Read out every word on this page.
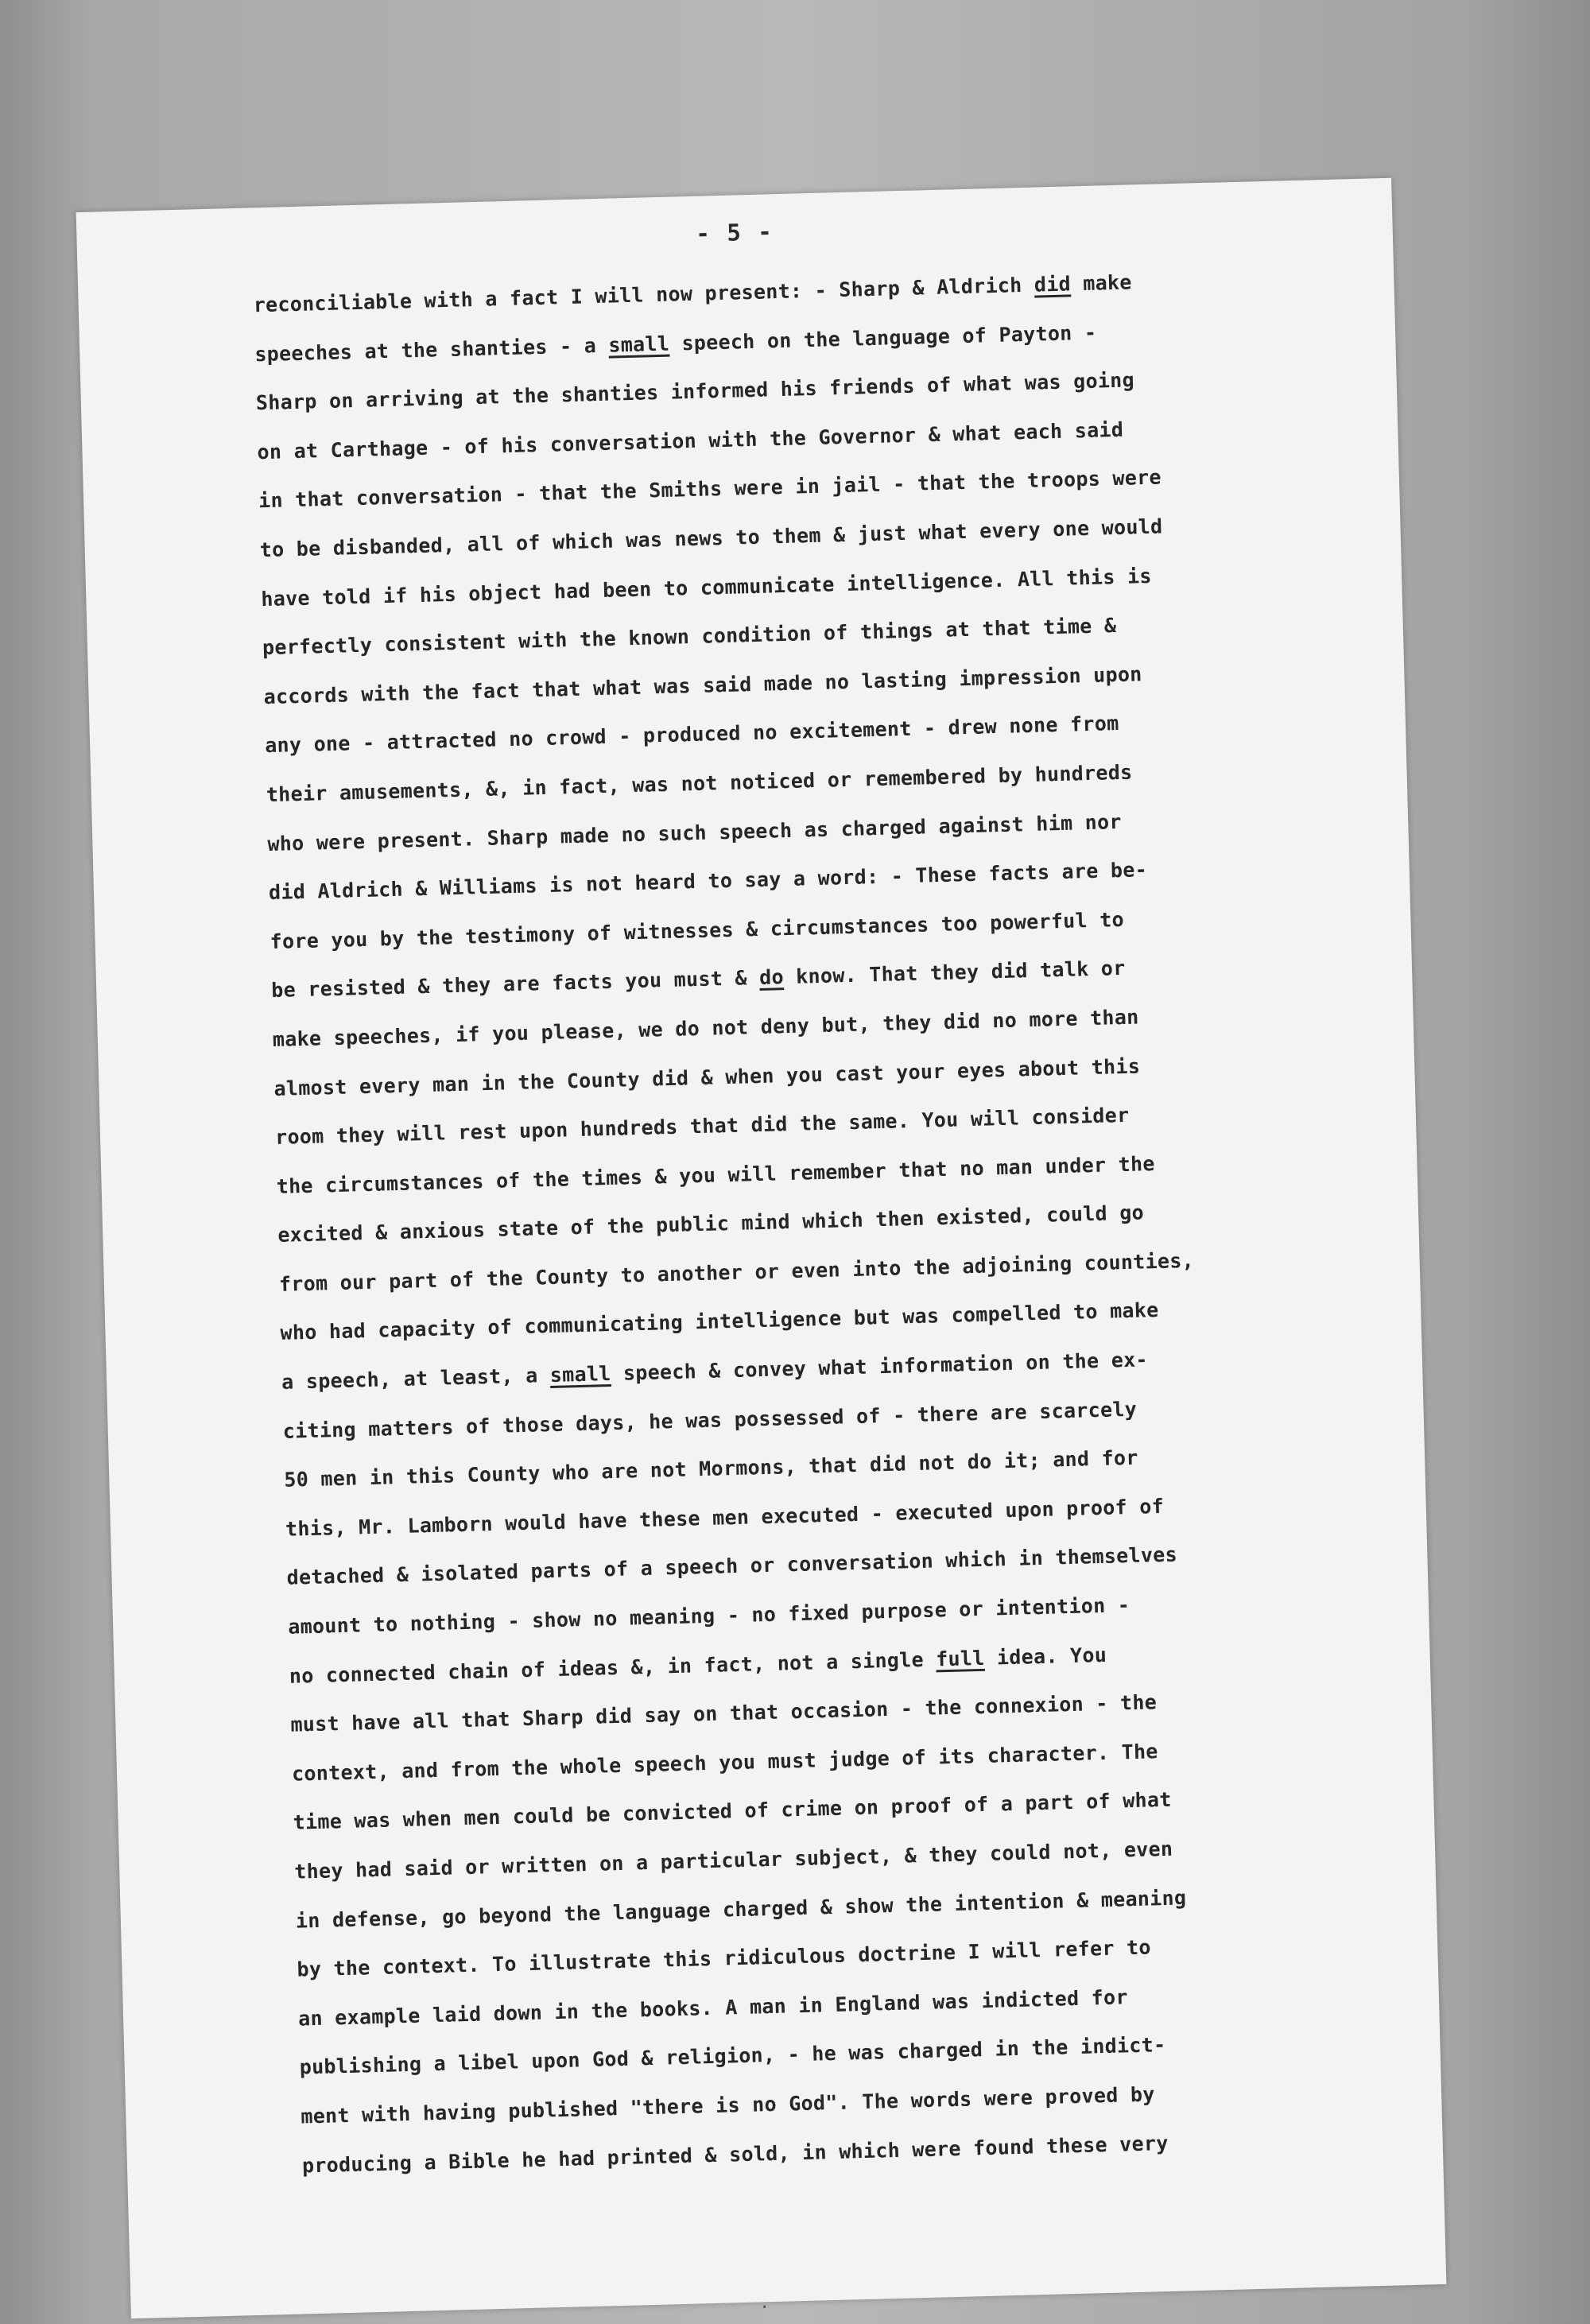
- 5 -
reconciliable with a fact I will now present: - Sharp & Aldrich did make
speeches at the shanties - a small speech on the language of Payton -
Sharp on arriving at the shanties informed his friends of what was going
on at Carthage - of his conversation with the Governor & what each said
in that conversation - that the Smiths were in jail - that the troops were
to be disbanded, all of which was news to them & just what every one would
have told if his object had been to communicate intelligence. All this is
perfectly consistent with the known condition of things at that time &
accords with the fact that what was said made no lasting impression upon
any one - attracted no crowd - produced no excitement - drew none from
their amusements, &, in fact, was not noticed or remembered by hundreds
who were present. Sharp made no such speech as charged against him nor
did Aldrich & Williams is not heard to say a word: - These facts are be-
fore you by the testimony of witnesses & circumstances too powerful to
be resisted & they are facts you must & do know. That they did talk or
make speeches, if you please, we do not deny but, they did no more than
almost every man in the County did & when you cast your eyes about this
room they will rest upon hundreds that did the same. You will consider
the circumstances of the times & you will remember that no man under the
excited & anxious state of the public mind which then existed, could go
from our part of the County to another or even into the adjoining counties,
who had capacity of communicating intelligence but was compelled to make
a speech, at least, a small speech & convey what information on the ex-
citing matters of those days, he was possessed of - there are scarcely
50 men in this County who are not Mormons, that did not do it; and for
this, Mr. Lamborn would have these men executed - executed upon proof of
detached & isolated parts of a speech or conversation which in themselves
amount to nothing - show no meaning - no fixed purpose or intention -
no connected chain of ideas &, in fact, not a single full idea. You
must have all that Sharp did say on that occasion - the connexion - the
context, and from the whole speech you must judge of its character. The
time was when men could be convicted of crime on proof of a part of what
they had said or written on a particular subject, & they could not, even
in defense, go beyond the language charged & show the intention & meaning
by the context. To illustrate this ridiculous doctrine I will refer to
an example laid down in the books. A man in England was indicted for
publishing a libel upon God & religion, - he was charged in the indict-
ment with having published "there is no God". The words were proved by
producing a Bible he had printed & sold, in which were found these very
·
